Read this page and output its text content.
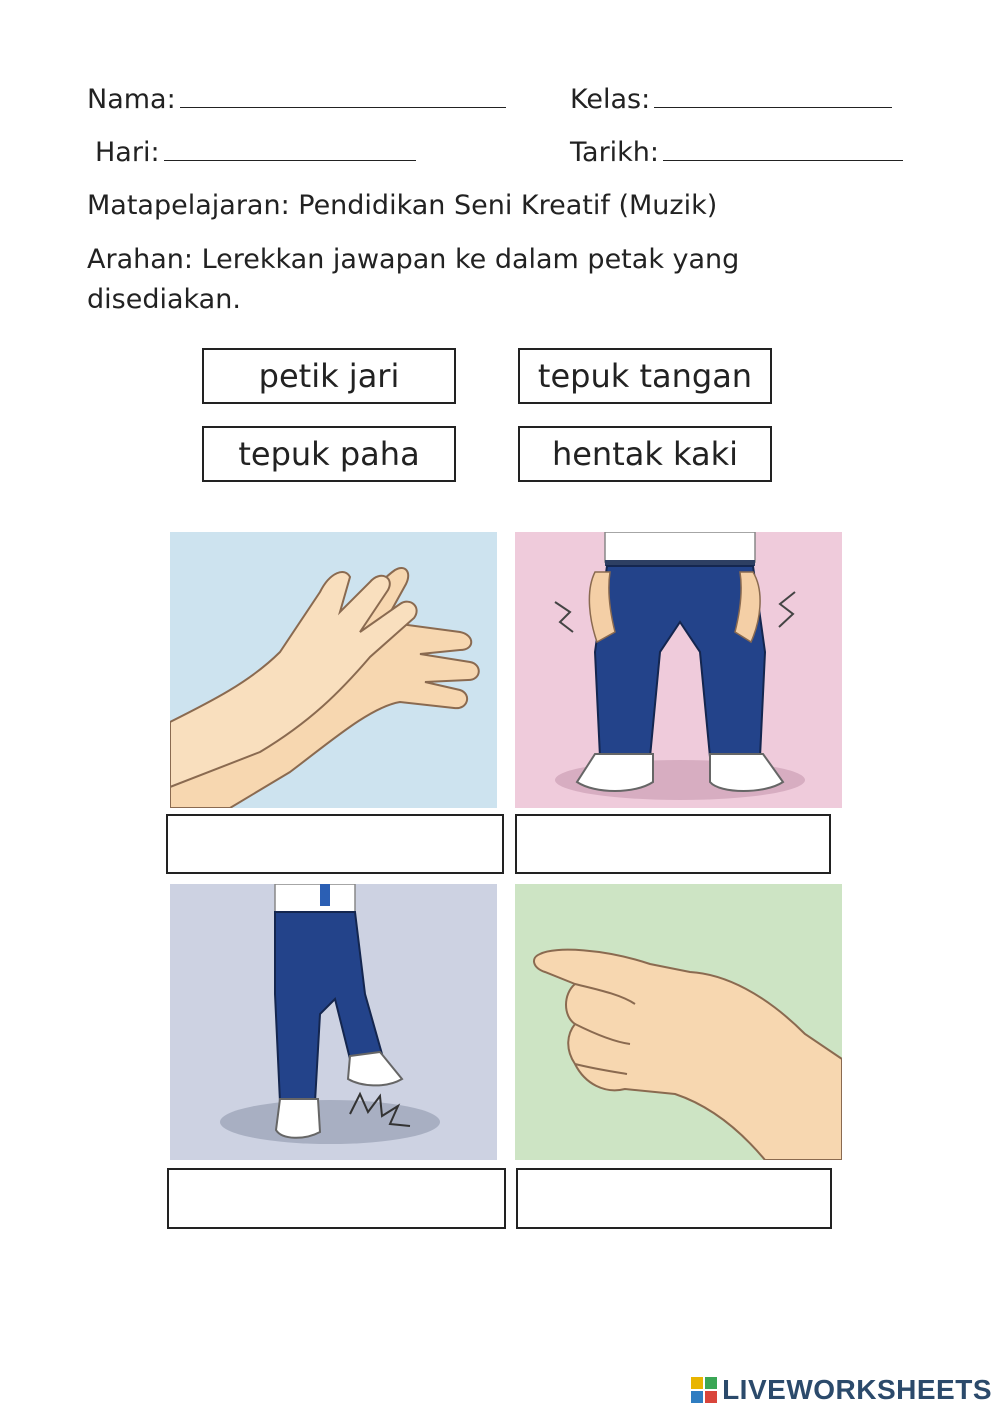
Nama:	Kelas:
Hari:	Tarikh:
Matapelajaran: Pendidikan Seni Kreatif (Muzik)
Arahan: Lerekkan jawapan ke dalam petak yang
disediakan.
petik jari	tepuk tangan
tepuk paha	hentak kaki
LIVEWORKSHEETS
